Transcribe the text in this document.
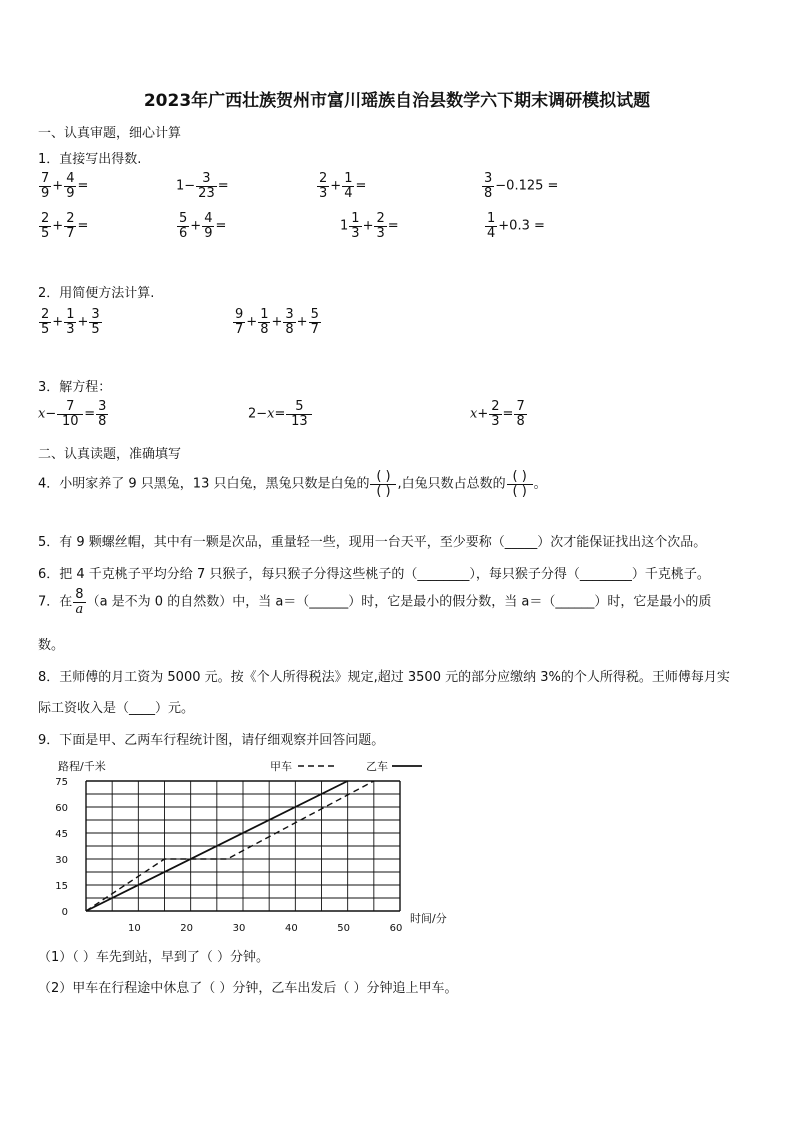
2023年广西壮族贺州市富川瑶族自治县数学六下期末调研模拟试题
一、认真审题，细心计算
1．直接写出得数.
$\frac{7}{9} + \frac{4}{9}$ =	$1- \frac{3}{23}$ =	$\frac{2}{3} + \frac{1}{4}$ =	$\frac{3}{8} -0.125$ =
$\frac{2}{5} + \frac{2}{7}$ =	$\frac{5}{6} + \frac{4}{9}$ =	$1 \frac{1}{3} + \frac{2}{3}$ =	$\frac{1}{4} +0.3$ =
2．用简便方法计算.
$\frac{2}{5} + \frac{1}{3} + \frac{3}{5}$	$\frac{9}{7} + \frac{1}{8} + \frac{3}{8} + \frac{5}{7}$
3．解方程：
$x- \frac{7}{10} = \frac{3}{8}$	$2-x= \frac{5}{13}$	$x+ \frac{2}{3} = \frac{7}{8}$
二、认真读题，准确填写
4．小明家养了 9 只黑兔，13 只白兔，黑兔只数是白兔的 $\frac{( )}{( )}$ ,白兔只数占总数的 $\frac{( )}{( )}$ 。
5．有 9 颗螺丝帽，其中有一颗是次品，重量轻一些，现用一台天平，至少要称（_____）次才能保证找出这个次品。
6．把 4 千克桃子平均分给 7 只猴子，每只猴子分得这些桃子的（________），每只猴子分得（________）千克桃子。
7．在 $\frac{8}{a} (a$ 是不为 0 的自然数）中，当 a＝（______）时，它是最小的假分数，当 a＝（______）时，它是最小的质
数。
8．王师傅的月工资为 5000 元。按《个人所得税法》规定,超过 3500 元的部分应缴纳 3%的个人所得税。王师傅每月实
际工资收入是（____）元。
9．下面是甲、乙两车行程统计图，请仔细观察并回答问题。
0
15
30
45
60
75
10	20	30	40	50	60
路程/千米
时间/分
甲车	乙车
（1）（ ）车先到站，早到了（ ）分钟。
（2）甲车在行程途中休息了（ ）分钟，乙车出发后（ ）分钟追上甲车。
